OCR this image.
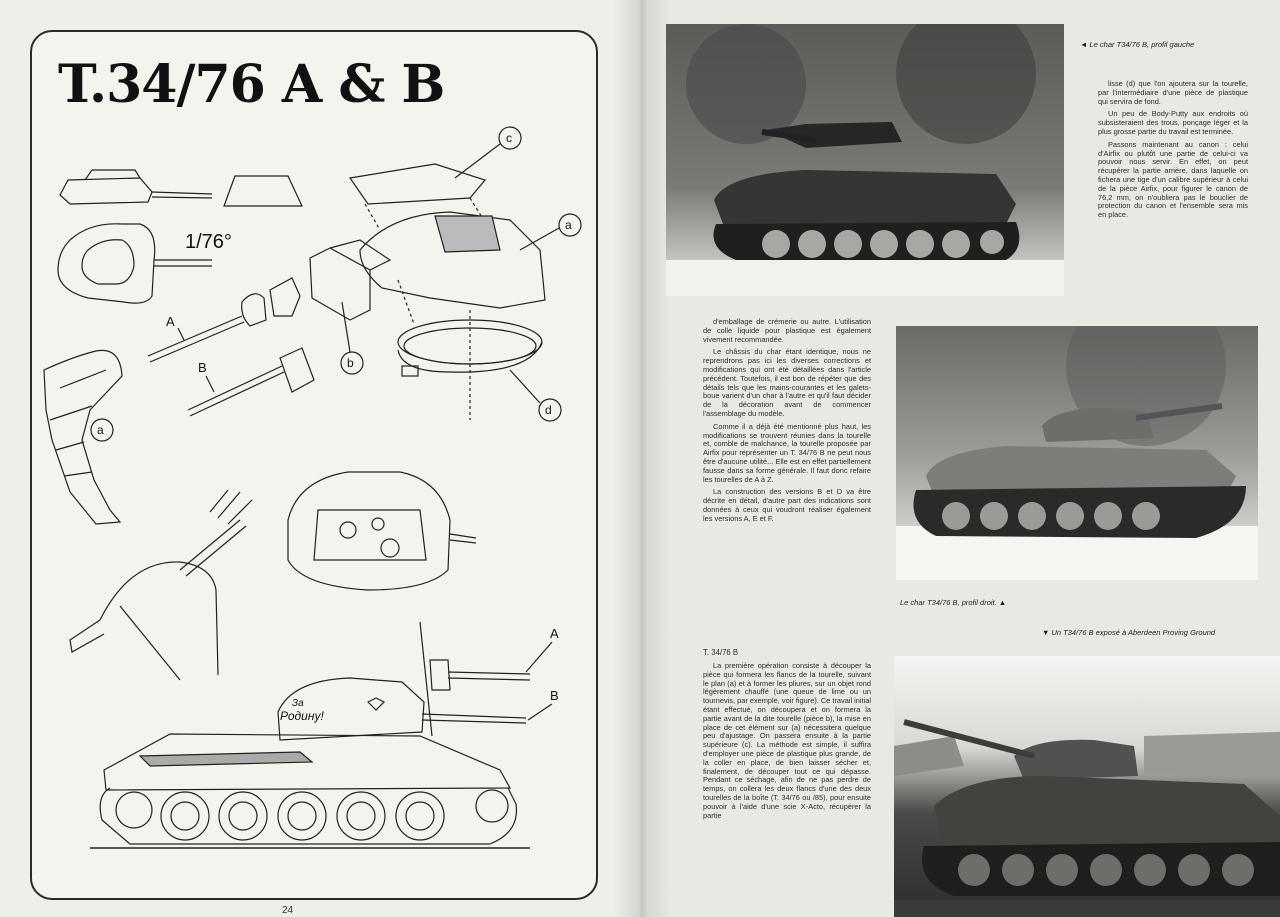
T.34/76 A & B
1/76°
c
a
b
A
B
d
a
A
B
За
Родину!
24
◄ Le char T34/76 B, profil gauche

lisse (d) que l'on ajoutera sur la tourelle, par l'intermédiaire d'une pièce de plastique qui servira de fond.

Un peu de Body-Putty aux endroits où subsisteraient des trous, ponçage léger et la plus grosse partie du travail est terminée.

Passons maintenant au canon : celui d'Airfix ou plutôt une partie de celui-ci va pouvoir nous servir. En effet, on peut récupérer la partie arrière, dans laquelle on fichera une tige d'un calibre supérieur à celui de la pièce Airfix, pour figurer le canon de 76,2 mm, on n'oubliera pas le bouclier de protection du canon et l'ensemble sera mis en place.

d'emballage de crémerie ou autre. L'utilisation de colle liquide pour plastique est également vivement recommandée.

Le châssis du char étant identique, nous ne reprendrons pas ici les diverses corrections et modifications qui ont été détaillées dans l'article précédent. Toutefois, il est bon de répéter que des détails tels que les mains-courantes et les galets-boue varient d'un char à l'autre et qu'il faut décider de la décoration avant de commencer l'assemblage du modèle.

Comme il a déjà été mentionné plus haut, les modifications se trouvent réunies dans la tourelle et, comble de malchance, la tourelle proposée par Airfix pour représenter un T. 34/76 B ne peut nous être d'aucune utilité... Elle est en effet partiellement fausse dans sa forme générale. Il faut donc refaire les tourelles de A à Z.

La construction des versions B et D va être décrite en détail, d'autre part des indications sont données à ceux qui voudront réaliser également les versions A, E et F.

Le char T34/76 B, profil droit. ▲
▼ Un T34/76 B exposé à Aberdeen Proving Ground
T. 34/76 B

La première opération consiste à découper la pièce qui formera les flancs de la tourelle, suivant le plan (a) et à former les pliures, sur un objet rond légèrement chauffé (une queue de lime ou un tournevis, par exemple, voir figure). Ce travail initial étant effectué, on découpera et on formera la partie avant de la dite tourelle (pièce b), la mise en place de cet élément sur (a) nécessitera quelque peu d'ajustage. On passera ensuite à la partie supérieure (c). La méthode est simple, il suffira d'employer une pièce de plastique plus grande, de la coller en place, de bien laisser sécher et, finalement, de découper tout ce qui dépasse. Pendant ce séchage, afin de ne pas perdre de temps, on collera les deux flancs d'une des deux tourelles de la boîte (T. 34/76 ou /85), pour ensuite pouvoir à l'aide d'une scie X-Acto, récupérer la partie
